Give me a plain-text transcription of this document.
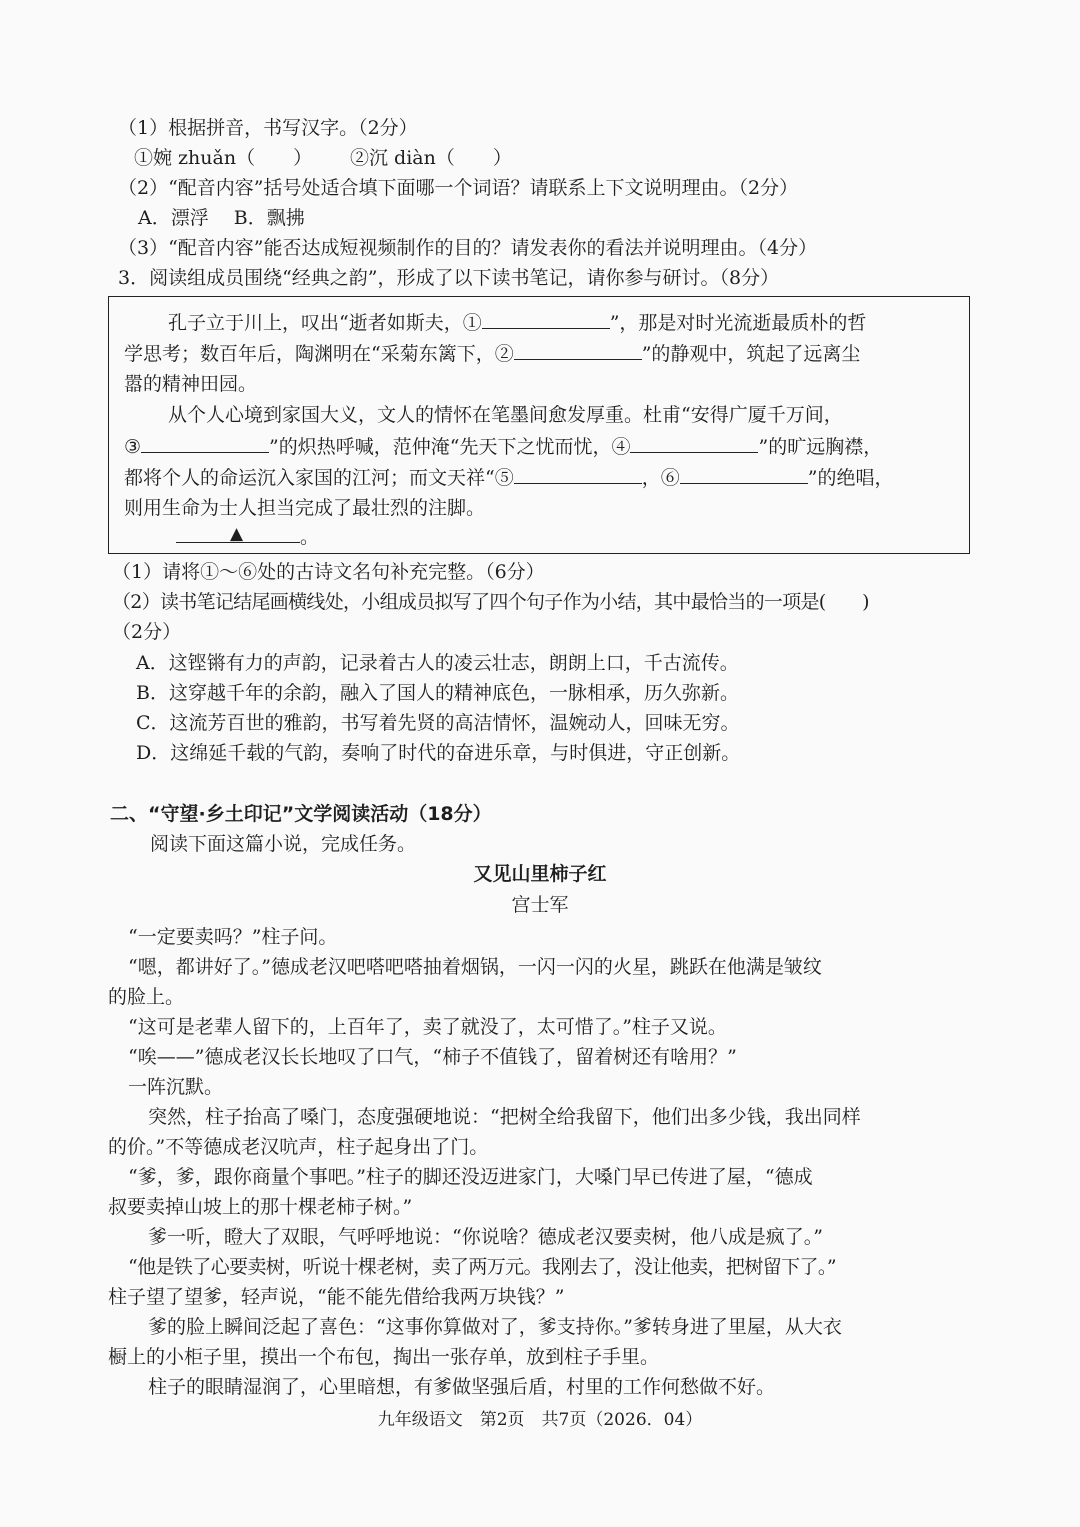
（1）根据拼音，书写汉字。（2分）

①婉 zhuǎn（　　） ②沉 diàn（　　）

（2）“配音内容”括号处适合填下面哪一个词语？请联系上下文说明理由。（2分）

A．漂浮　 B．飘拂

（3）“配音内容”能否达成短视频制作的目的？请发表你的看法并说明理由。（4分）

3．阅读组成员围绕“经典之韵”，形成了以下读书笔记，请你参与研讨。（8分）

孔子立于川上，叹出“逝者如斯夫，①	”，那是对时光流逝最质朴的哲

学思考；数百年后，陶渊明在“采菊东篱下，②	”的静观中，筑起了远离尘

嚣的精神田园。

从个人心境到家国大义，文人的情怀在笔墨间愈发厚重。杜甫“安得广厦千万间，

③	”的炽热呼喊，范仲淹“先天下之忧而忧，④	”的旷远胸襟，

都将个人的命运沉入家国的江河；而文天祥“⑤	，⑥	”的绝唱，

则用生命为士人担当完成了最壮烈的注脚。

▲	。

（1）请将①～⑥处的古诗文名句补充完整。（6分）

（2）读书笔记结尾画横线处，小组成员拟写了四个句子作为小结，其中最恰当的一项是(　　)

（2分）

A．这铿锵有力的声韵，记录着古人的凌云壮志，朗朗上口，千古流传。

B．这穿越千年的余韵，融入了国人的精神底色，一脉相承，历久弥新。

C．这流芳百世的雅韵，书写着先贤的高洁情怀，温婉动人，回味无穷。

D．这绵延千载的气韵，奏响了时代的奋进乐章，与时俱进，守正创新。

二、“守望·乡土印记”文学阅读活动（18分）

阅读下面这篇小说，完成任务。

又见山里柿子红

宫士军

“一定要卖吗？”柱子问。

“嗯，都讲好了。”德成老汉吧嗒吧嗒抽着烟锅，一闪一闪的火星，跳跃在他满是皱纹

的脸上。

“这可是老辈人留下的，上百年了，卖了就没了，太可惜了。”柱子又说。

“唉——”德成老汉长长地叹了口气，“柿子不值钱了，留着树还有啥用？”

一阵沉默。

突然，柱子抬高了嗓门，态度强硬地说：“把树全给我留下，他们出多少钱，我出同样

的价。”不等德成老汉吭声，柱子起身出了门。

“爹，爹，跟你商量个事吧。”柱子的脚还没迈进家门，大嗓门早已传进了屋，“德成

叔要卖掉山坡上的那十棵老柿子树。”

爹一听，瞪大了双眼，气呼呼地说：“你说啥？德成老汉要卖树，他八成是疯了。”

“他是铁了心要卖树，听说十棵老树，卖了两万元。我刚去了，没让他卖，把树留下了。”

柱子望了望爹，轻声说，“能不能先借给我两万块钱？”

爹的脸上瞬间泛起了喜色：“这事你算做对了，爹支持你。”爹转身进了里屋，从大衣

橱上的小柜子里，摸出一个布包，掏出一张存单，放到柱子手里。

柱子的眼睛湿润了，心里暗想，有爹做坚强后盾，村里的工作何愁做不好。

九年级语文　第2页　共7页（2026．04）
